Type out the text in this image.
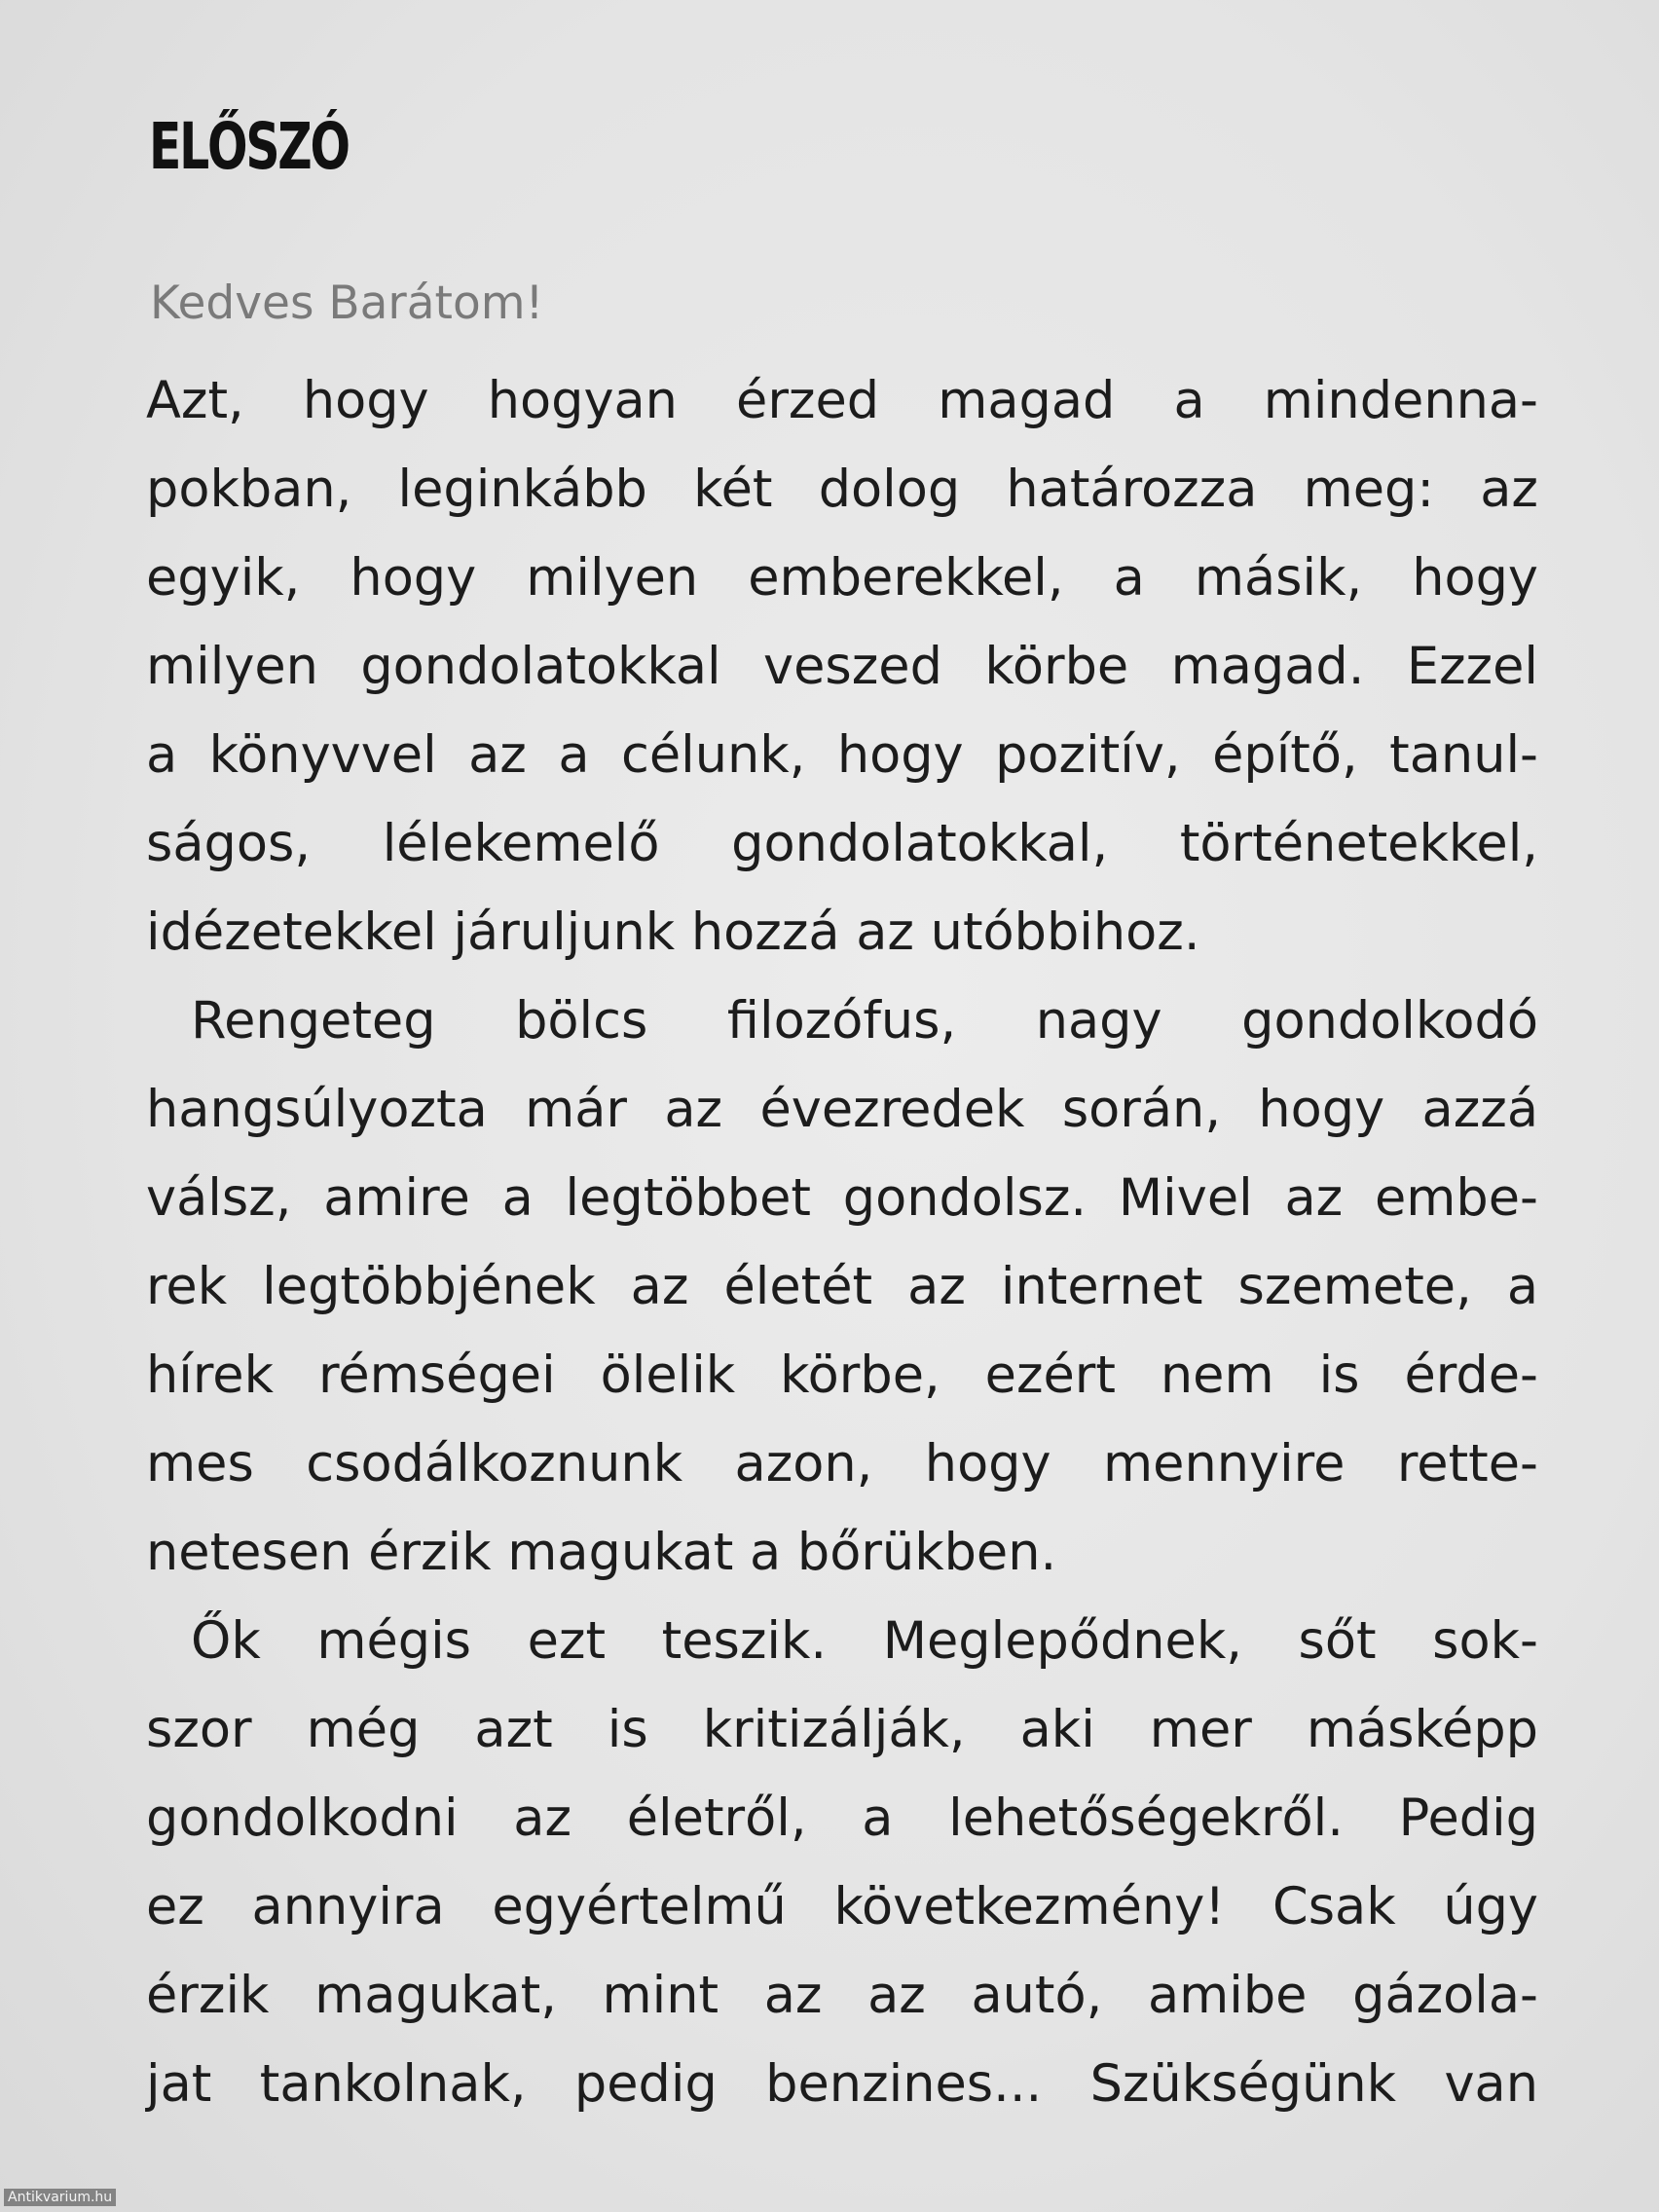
ELŐSZÓ

Kedves Barátom!

Azt, hogy hogyan érzed magad a mindenna-
pokban, leginkább két dolog határozza meg: az
egyik, hogy milyen emberekkel, a másik, hogy
milyen gondolatokkal veszed körbe magad. Ezzel
a könyvvel az a célunk, hogy pozitív, építő, tanul-
ságos, lélekemelő gondolatokkal, történetekkel,
idézetekkel járuljunk hozzá az utóbbihoz.

Rengeteg bölcs filozófus, nagy gondolkodó
hangsúlyozta már az évezredek során, hogy azzá
válsz, amire a legtöbbet gondolsz. Mivel az embe-
rek legtöbbjének az életét az internet szemete, a
hírek rémségei ölelik körbe, ezért nem is érde-
mes csodálkoznunk azon, hogy mennyire rette-
netesen érzik magukat a bőrükben.

Ők mégis ezt teszik. Meglepődnek, sőt sok-
szor még azt is kritizálják, aki mer másképp
gondolkodni az életről, a lehetőségekről. Pedig
ez annyira egyértelmű következmény! Csak úgy
érzik magukat, mint az az autó, amibe gázola-
jat tankolnak, pedig benzines... Szükségünk van

Antikvarium.hu
